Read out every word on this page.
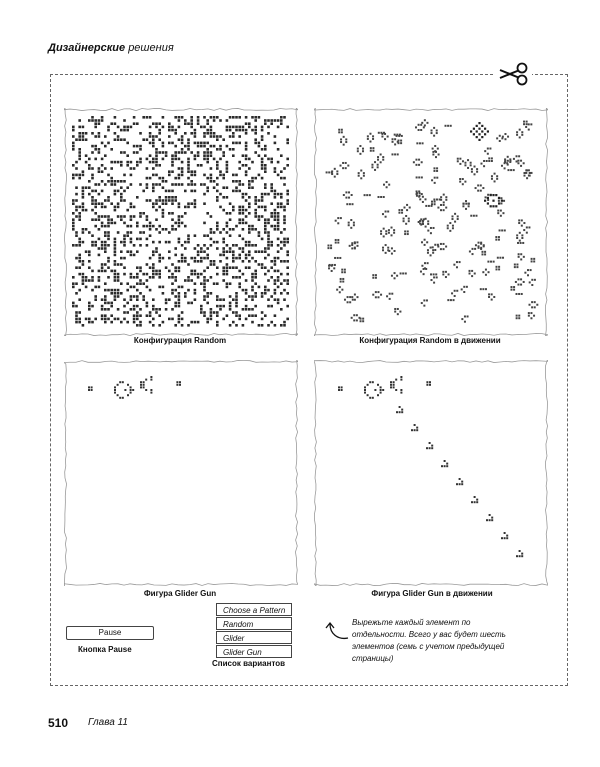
Дизайнерские решения
Конфигурация Random	Конфигурация Random в движении
Фигура Glider Gun	Фигура Glider Gun в движении
Pause
Кнопка Pause
Choose a Pattern
Random
Glider
Glider Gun
Список вариантов
Вырежьте каждый элемент по отдельности. Всего у вас будет шесть элементов (семь с учетом предыдущей страницы)
510 Глава 11
